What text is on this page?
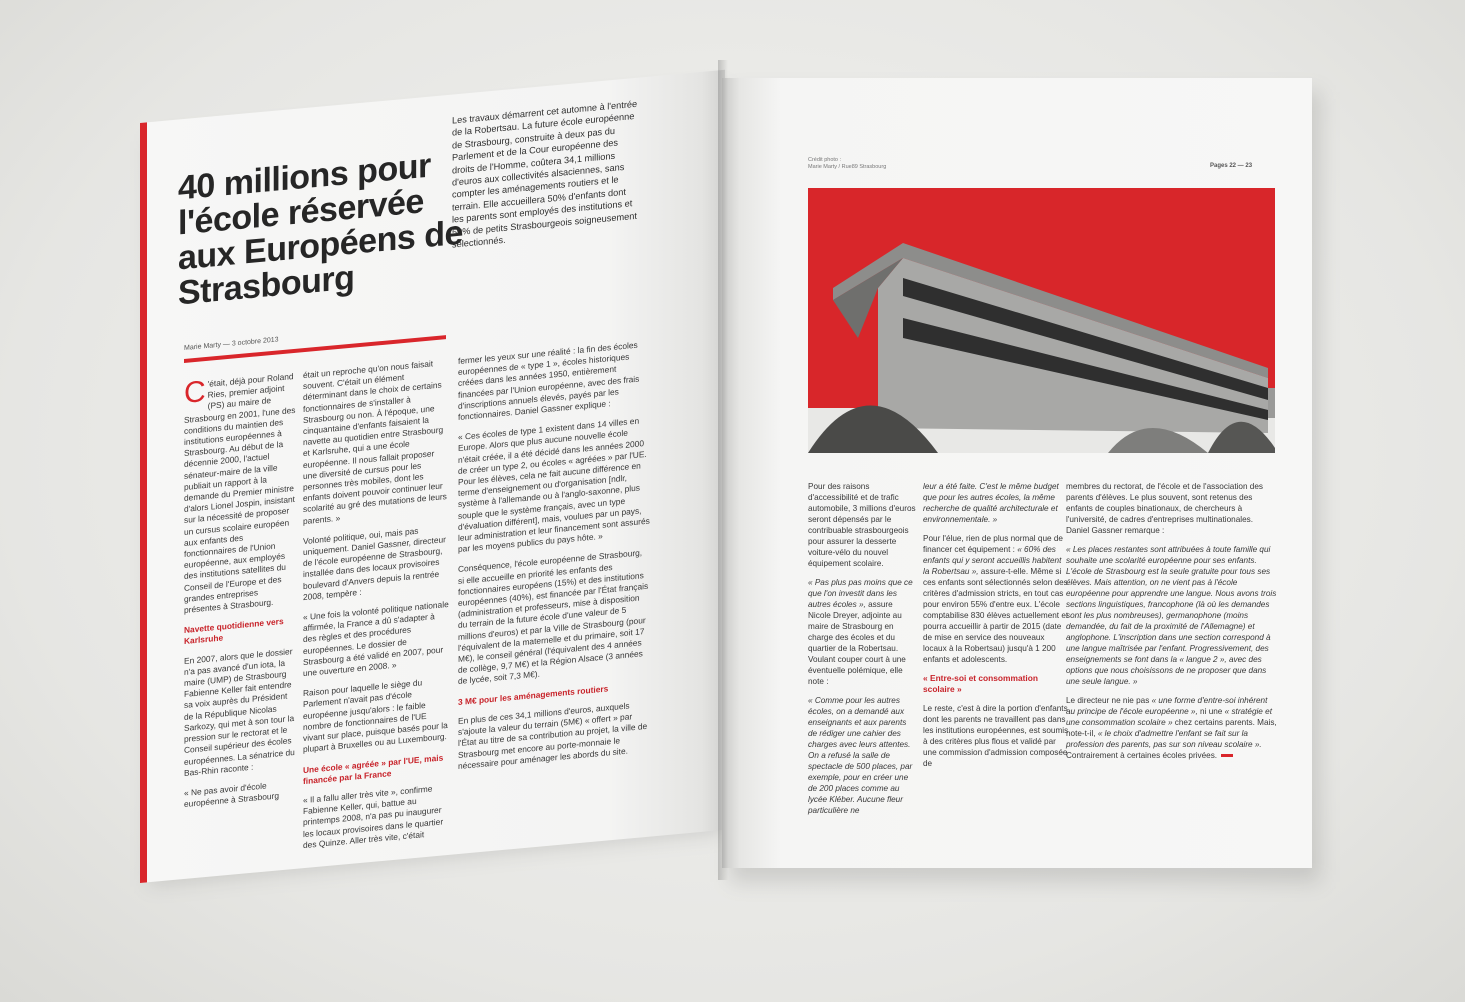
40 millions pour l'école réservée aux Européens de Strasbourg
Marie Marty — 3 octobre 2013
Les travaux démarrent cet automne à l'entrée de la Robertsau. La future école européenne de Strasbourg, construite à deux pas du Parlement et de la Cour européenne des droits de l'Homme, coûtera 34,1 millions d'euros aux collectivités alsaciennes, sans compter les aménagements routiers et le terrain. Elle accueillera 50% d'enfants dont les parents sont employés des institutions et 50% de petits Strasbourgeois soigneusement sélectionnés.

C 'était, déjà pour Roland Ries, premier adjoint (PS) au maire de Strasbourg en 2001, l'une des conditions du maintien des institutions européennes à Strasbourg. Au début de la décennie 2000, l'actuel sénateur-maire de la ville publiait un rapport à la demande du Premier ministre d'alors Lionel Jospin, insistant sur la nécessité de proposer un cursus scolaire européen aux enfants des fonctionnaires de l'Union européenne, aux employés des institutions satellites du Conseil de l'Europe et des grandes entreprises présentes à Strasbourg.

Navette quotidienne vers Karlsruhe

En 2007, alors que le dossier n'a pas avancé d'un iota, la maire (UMP) de Strasbourg Fabienne Keller fait entendre sa voix auprès du Président de la République Nicolas Sarkozy, qui met à son tour la pression sur le rectorat et le Conseil supérieur des écoles européennes. La sénatrice du Bas-Rhin raconte :

« Ne pas avoir d'école européenne à Strasbourg

était un reproche qu'on nous faisait souvent. C'était un élément déterminant dans le choix de certains fonctionnaires de s'installer à Strasbourg ou non. À l'époque, une cinquantaine d'enfants faisaient la navette au quotidien entre Strasbourg et Karlsruhe, qui a une école européenne. Il nous fallait proposer une diversité de cursus pour les personnes très mobiles, dont les enfants doivent pouvoir continuer leur scolarité au gré des mutations de leurs parents. »

Volonté politique, oui, mais pas uniquement. Daniel Gassner, directeur de l'école européenne de Strasbourg, installée dans des locaux provisoires boulevard d'Anvers depuis la rentrée 2008, tempère :

« Une fois la volonté politique nationale affirmée, la France a dû s'adapter à des règles et des procédures européennes. Le dossier de Strasbourg a été validé en 2007, pour une ouverture en 2008. »

Raison pour laquelle le siège du Parlement n'avait pas d'école européenne jusqu'alors : le faible nombre de fonctionnaires de l'UE vivant sur place, puisque basés pour la plupart à Bruxelles ou au Luxembourg.

Une école « agréée » par l'UE, mais financée par la France

« Il a fallu aller très vite », confirme Fabienne Keller, qui, battue au printemps 2008, n'a pas pu inaugurer les locaux provisoires dans le quartier des Quinze. Aller très vite, c'était

fermer les yeux sur une réalité : la fin des écoles européennes de « type 1 », écoles historiques créées dans les années 1950, entièrement financées par l'Union européenne, avec des frais d'inscriptions annuels élevés, payés par les fonctionnaires. Daniel Gassner explique :

« Ces écoles de type 1 existent dans 14 villes en Europe. Alors que plus aucune nouvelle école n'était créée, il a été décidé dans les années 2000 de créer un type 2, ou écoles « agréées » par l'UE. Pour les élèves, cela ne fait aucune différence en terme d'enseignement ou d'organisation [ndlr, système à l'allemande ou à l'anglo-saxonne, plus souple que le système français, avec un type d'évaluation différent], mais, voulues par un pays, leur administration et leur financement sont assurés par les moyens publics du pays hôte. »

Conséquence, l'école européenne de Strasbourg, si elle accueille en priorité les enfants des fonctionnaires européens (15%) et des institutions européennes (40%), est financée par l'État français (administration et professeurs, mise à disposition du terrain de la future école d'une valeur de 5 millions d'euros) et par la Ville de Strasbourg (pour l'équivalent de la maternelle et du primaire, soit 17 M€), le conseil général (l'équivalent des 4 années de collège, 9,7 M€) et la Région Alsace (3 années de lycée, soit 7,3 M€).

3 M€ pour les aménagements routiers

En plus de ces 34,1 millions d'euros, auxquels s'ajoute la valeur du terrain (5M€) « offert » par l'État au titre de sa contribution au projet, la ville de Strasbourg met encore au porte-monnaie le nécessaire pour aménager les abords du site.

Crédit photo :
Marie Marty / Rue89 Strasbourg	Pages 22 — 23

Pour des raisons d'accessibilité et de trafic automobile, 3 millions d'euros seront dépensés par le contribuable strasbourgeois pour assurer la desserte voiture-vélo du nouvel équipement scolaire.

« Pas plus pas moins que ce que l'on investit dans les autres écoles », assure Nicole Dreyer, adjointe au maire de Strasbourg en charge des écoles et du quartier de la Robertsau. Voulant couper court à une éventuelle polémique, elle note :

« Comme pour les autres écoles, on a demandé aux enseignants et aux parents de rédiger une cahier des charges avec leurs attentes. On a refusé la salle de spectacle de 500 places, par exemple, pour en créer une de 200 places comme au lycée Kléber. Aucune fleur particulière ne

leur a été faite. C'est le même budget que pour les autres écoles, la même recherche de qualité architecturale et environnementale. »

Pour l'élue, rien de plus normal que de financer cet équipement : « 60% des enfants qui y seront accueillis habitent la Robertsau », assure-t-elle. Même si ces enfants sont sélectionnés selon des critères d'admission stricts, en tout cas pour environ 55% d'entre eux. L'école comptabilise 830 élèves actuellement et pourra accueillir à partir de 2015 (date de mise en service des nouveaux locaux à la Robertsau) jusqu'à 1 200 enfants et adolescents.

« Entre-soi et consommation scolaire »

Le reste, c'est à dire la portion d'enfants dont les parents ne travaillent pas dans les institutions européennes, est soumis à des critères plus flous et validé par une commission d'admission composée de

membres du rectorat, de l'école et de l'association des parents d'élèves. Le plus souvent, sont retenus des enfants de couples binationaux, de chercheurs à l'université, de cadres d'entreprises multinationales. Daniel Gassner remarque :

« Les places restantes sont attribuées à toute famille qui souhaite une scolarité européenne pour ses enfants. L'école de Strasbourg est la seule gratuite pour tous ses élèves. Mais attention, on ne vient pas à l'école européenne pour apprendre une langue. Nous avons trois sections linguistiques, francophone (là où les demandes sont les plus nombreuses), germanophone (moins demandée, du fait de la proximité de l'Allemagne) et anglophone. L'inscription dans une section correspond à une langue maîtrisée par l'enfant. Progressivement, des enseignements se font dans la « langue 2 », avec des options que nous choisissons de ne proposer que dans une seule langue. »

Le directeur ne nie pas « une forme d'entre-soi inhérent au principe de l'école européenne », ni une « stratégie et une consommation scolaire » chez certains parents. Mais, note-t-il, « le choix d'admettre l'enfant se fait sur la profession des parents, pas sur son niveau scolaire ». Contrairement à certaines écoles privées.
